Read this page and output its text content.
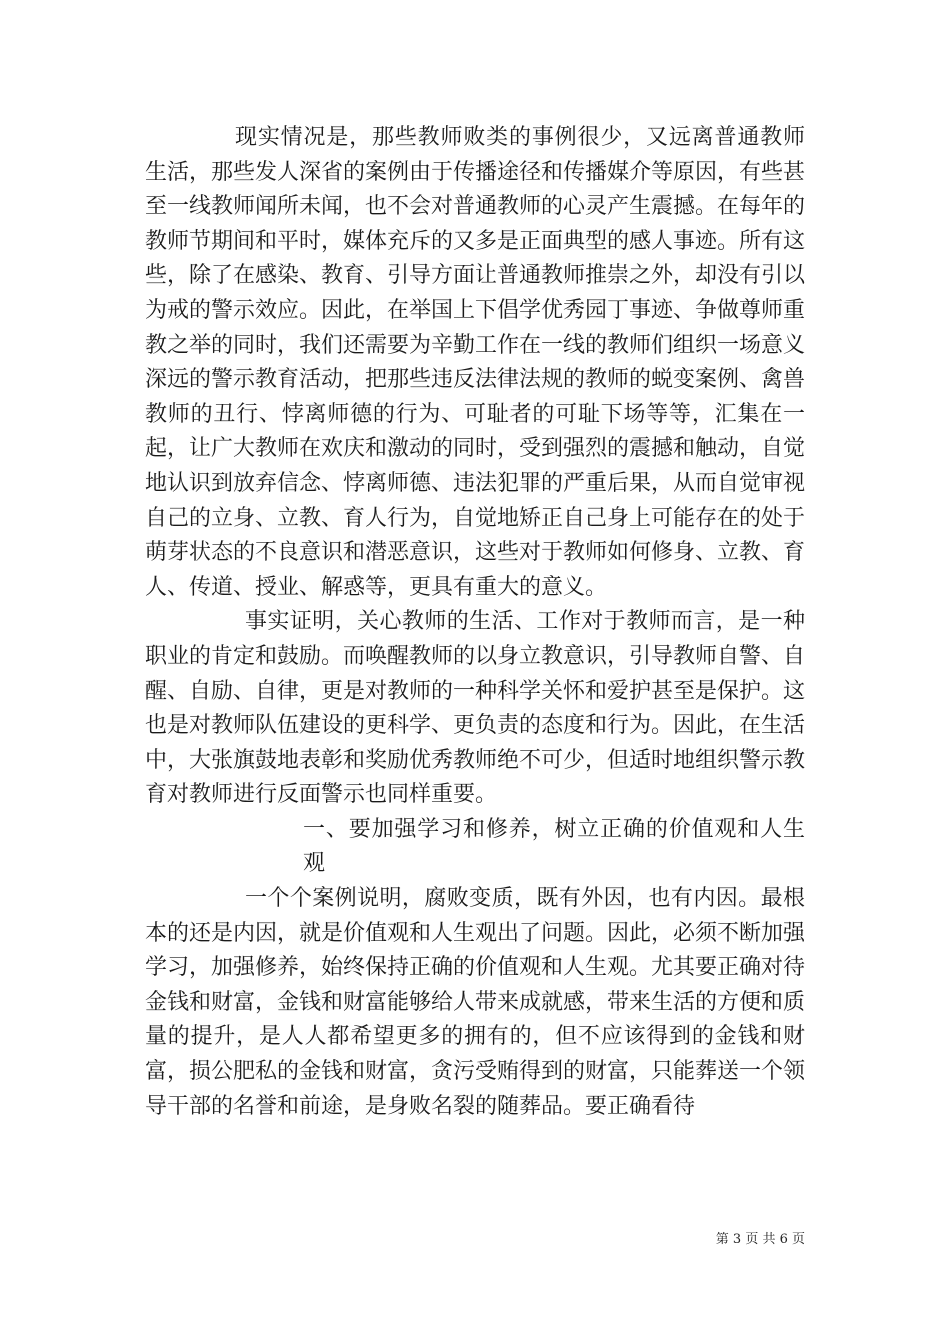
现实情况是，那些教师败类的事例很少，又远离普通教师生活，那些发人深省的案例由于传播途径和传播媒介等原因，有些甚至一线教师闻所未闻，也不会对普通教师的心灵产生震撼。在每年的教师节期间和平时，媒体充斥的又多是正面典型的感人事迹。所有这些，除了在感染、教育、引导方面让普通教师推崇之外，却没有引以为戒的警示效应。因此，在举国上下倡学优秀园丁事迹、争做尊师重教之举的同时，我们还需要为辛勤工作在一线的教师们组织一场意义深远的警示教育活动，把那些违反法律法规的教师的蜕变案例、禽兽教师的丑行、悖离师德的行为、可耻者的可耻下场等等，汇集在一起，让广大教师在欢庆和激动的同时，受到强烈的震撼和触动，自觉地认识到放弃信念、悖离师德、违法犯罪的严重后果，从而自觉审视自己的立身、立教、育人行为，自觉地矫正自己身上可能存在的处于萌芽状态的不良意识和潜恶意识，这些对于教师如何修身、立教、育人、传道、授业、解惑等，更具有重大的意义。

事实证明，关心教师的生活、工作对于教师而言，是一种职业的肯定和鼓励。而唤醒教师的以身立教意识，引导教师自警、自醒、自励、自律，更是对教师的一种科学关怀和爱护甚至是保护。这也是对教师队伍建设的更科学、更负责的态度和行为。因此，在生活中，大张旗鼓地表彰和奖励优秀教师绝不可少，但适时地组织警示教育对教师进行反面警示也同样重要。

一、要加强学习和修养，树立正确的价值观和人生观

一个个案例说明，腐败变质，既有外因，也有内因。最根本的还是内因，就是价值观和人生观出了问题。因此，必须不断加强学习，加强修养，始终保持正确的价值观和人生观。尤其要正确对待金钱和财富，金钱和财富能够给人带来成就感，带来生活的方便和质量的提升，是人人都希望更多的拥有的，但不应该得到的金钱和财富，损公肥私的金钱和财富，贪污受贿得到的财富，只能葬送一个领导干部的名誉和前途，是身败名裂的随葬品。要正确看待

第 3 页 共 6 页
